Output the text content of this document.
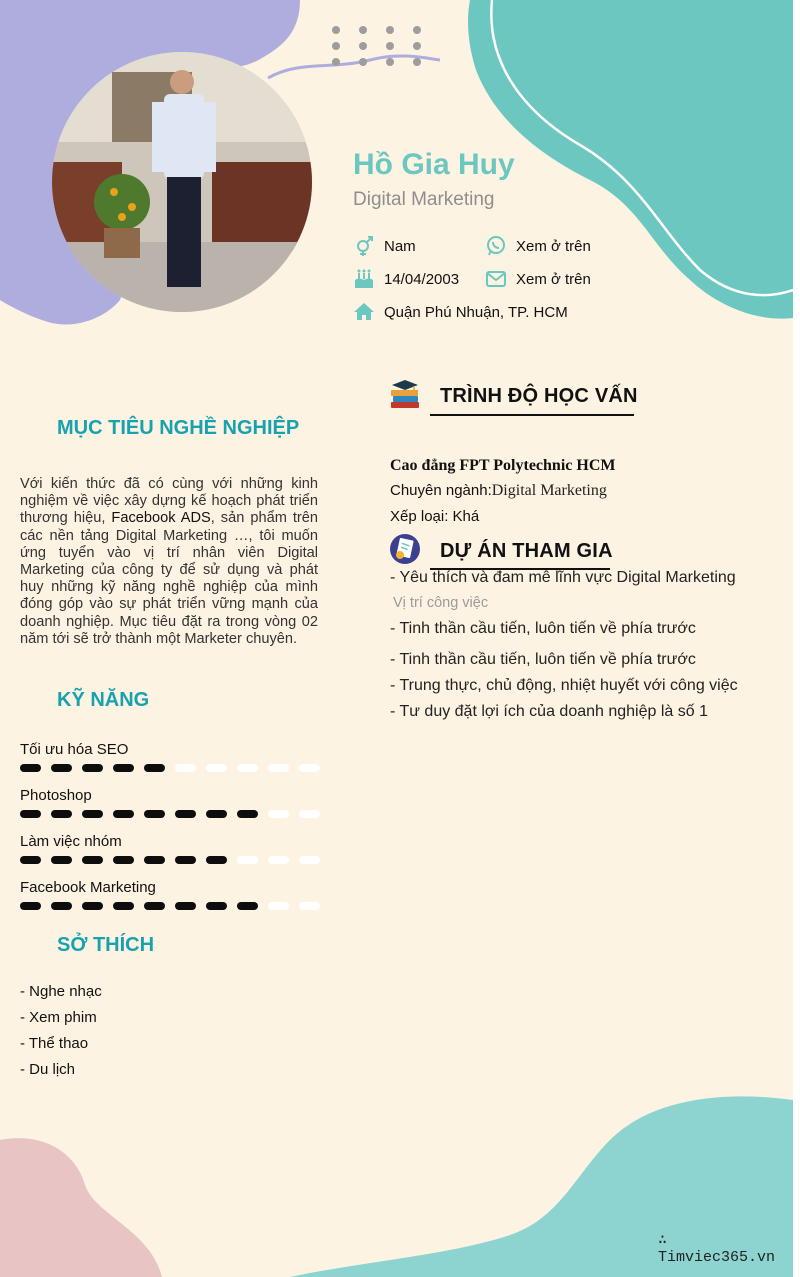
Hồ Gia Huy
Digital Marketing
Nam	Xem ở trên
14/04/2003	Xem ở trên
Quận Phú Nhuận, TP. HCM
MỤC TIÊU NGHỀ NGHIỆP
Với kiến thức đã có cùng với những kinh nghiệm về việc xây dựng kế hoạch phát triển thương hiệu, Facebook ADS, sản phẩm trên các nền tảng Digital Marketing …, tôi muốn ứng tuyển vào vị trí nhân viên Digital Marketing của công ty để sử dụng và phát huy những kỹ năng nghề nghiệp của mình đóng góp vào sự phát triển vững mạnh của doanh nghiệp. Mục tiêu đặt ra trong vòng 02 năm tới sẽ trở thành một Marketer chuyên.
KỸ NĂNG
Tối ưu hóa SEO
Photoshop
Làm việc nhóm
Facebook Marketing
SỞ THÍCH
- Nghe nhạc
- Xem phim
- Thể thao
- Du lịch
TRÌNH ĐỘ HỌC VẤN
Cao đẳng FPT Polytechnic HCM
Chuyên ngành:Digital Marketing
Xếp loại: Khá
DỰ ÁN THAM GIA
- Yêu thích và đam mê lĩnh vực Digital Marketing
Vị trí công việc
- Tinh thần cầu tiến, luôn tiến về phía trước
- Tinh thần cầu tiến, luôn tiến về phía trước
- Trung thực, chủ động, nhiệt huyết với công việc
- Tư duy đặt lợi ích của doanh nghiệp là số 1
∴ Timviec365.vn
